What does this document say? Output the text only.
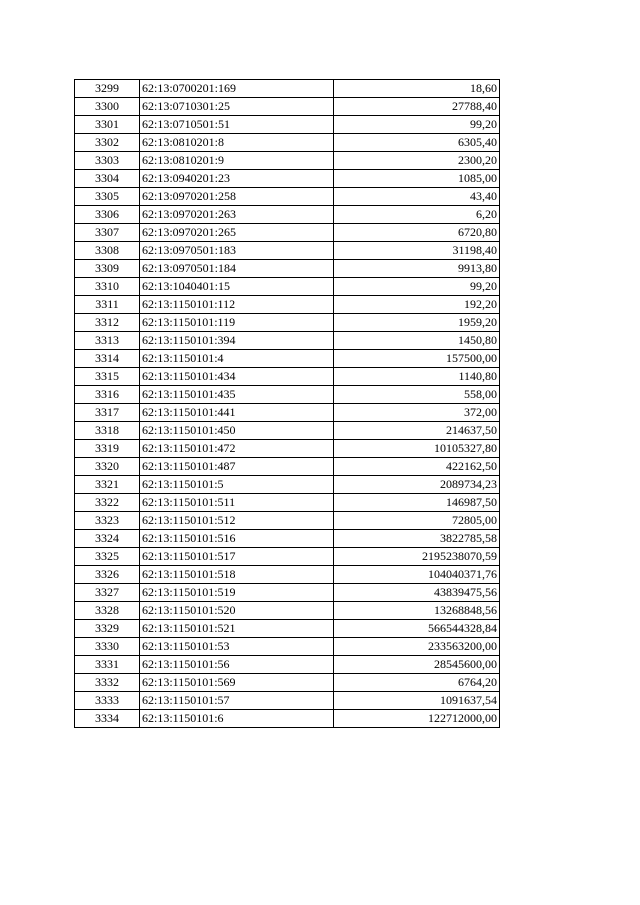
3299	62:13:0700201:169	18,60
3300	62:13:0710301:25	27788,40
3301	62:13:0710501:51	99,20
3302	62:13:0810201:8	6305,40
3303	62:13:0810201:9	2300,20
3304	62:13:0940201:23	1085,00
3305	62:13:0970201:258	43,40
3306	62:13:0970201:263	6,20
3307	62:13:0970201:265	6720,80
3308	62:13:0970501:183	31198,40
3309	62:13:0970501:184	9913,80
3310	62:13:1040401:15	99,20
3311	62:13:1150101:112	192,20
3312	62:13:1150101:119	1959,20
3313	62:13:1150101:394	1450,80
3314	62:13:1150101:4	157500,00
3315	62:13:1150101:434	1140,80
3316	62:13:1150101:435	558,00
3317	62:13:1150101:441	372,00
3318	62:13:1150101:450	214637,50
3319	62:13:1150101:472	10105327,80
3320	62:13:1150101:487	422162,50
3321	62:13:1150101:5	2089734,23
3322	62:13:1150101:511	146987,50
3323	62:13:1150101:512	72805,00
3324	62:13:1150101:516	3822785,58
3325	62:13:1150101:517	2195238070,59
3326	62:13:1150101:518	104040371,76
3327	62:13:1150101:519	43839475,56
3328	62:13:1150101:520	13268848,56
3329	62:13:1150101:521	566544328,84
3330	62:13:1150101:53	233563200,00
3331	62:13:1150101:56	28545600,00
3332	62:13:1150101:569	6764,20
3333	62:13:1150101:57	1091637,54
3334	62:13:1150101:6	122712000,00
